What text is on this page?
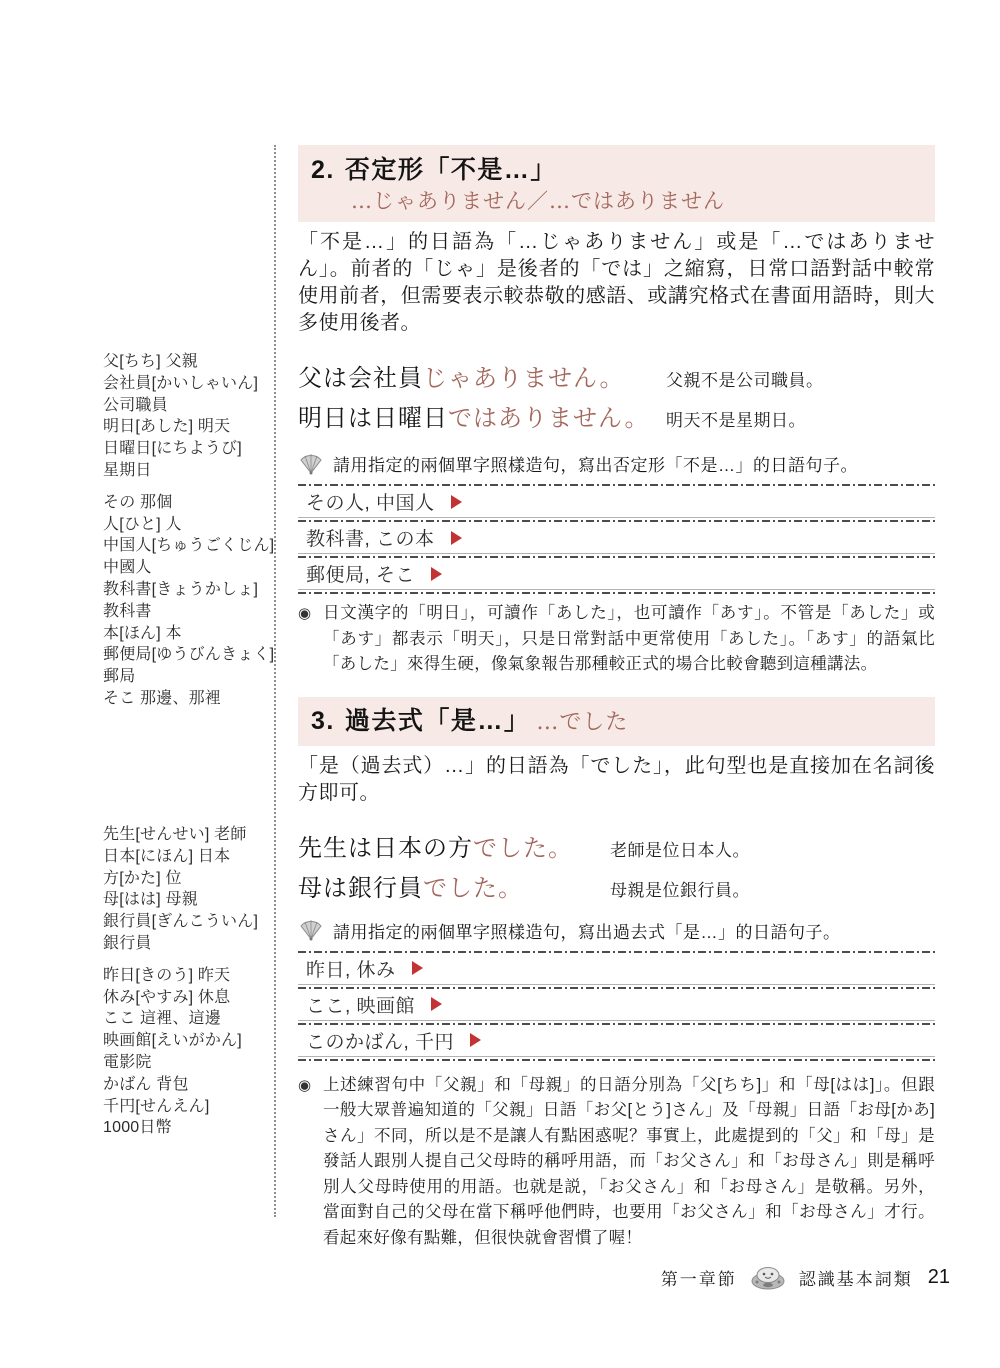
父[ちち] 父親
会社員[かいしゃいん]
公司職員
明日[あした] 明天
日曜日[にちようび]
星期日
その 那個
人[ひと] 人
中国人[ちゅうごくじん]
中國人
教科書[きょうかしょ]
教科書
本[ほん] 本
郵便局[ゆうびんきょく]
郵局
そこ 那邊、那裡
先生[せんせい] 老師
日本[にほん] 日本
方[かた] 位
母[はは] 母親
銀行員[ぎんこういん]
銀行員
昨日[きのう] 昨天
休み[やすみ] 休息
ここ 這裡、這邊
映画館[えいがかん]
電影院
かばん 背包
千円[せんえん]
1000日幣
2. 否定形「不是…」
…じゃありません／…ではありません

「不是…」的日語為「…じゃありません」或是「…ではありません」。前者的「じゃ」是後者的「では」之縮寫，日常口語對話中較常使用前者，但需要表示較恭敬的感語、或講究格式在書面用語時，則大多使用後者。

父は会社員じゃありません。	父親不是公司職員。
明日は日曜日ではありません。 明天不是星期日。
請用指定的兩個單字照樣造句，寫出否定形「不是…」的日語句子。
その人, 中国人
教科書, この本
郵便局, そこ
◉ 日文漢字的「明日」，可讀作「あした」，也可讀作「あす」。不管是「あした」或「あす」都表示「明天」，只是日常對話中更常使用「あした」。「あす」的語氣比「あした」來得生硬，像氣象報告那種較正式的場合比較會聽到這種講法。
3. 過去式「是…」 …でした

「是（過去式）…」的日語為「でした」，此句型也是直接加在名詞後方即可。

先生は日本の方でした。	老師是位日本人。
母は銀行員でした。	母親是位銀行員。
請用指定的兩個單字照樣造句，寫出過去式「是…」的日語句子。
昨日, 休み
ここ, 映画館
このかばん, 千円
◉ 上述練習句中「父親」和「母親」的日語分別為「父[ちち]」和「母[はは]」。但跟一般大眾普遍知道的「父親」日語「お父[とう]さん」及「母親」日語「お母[かあ]さん」不同，所以是不是讓人有點困惑呢？事實上，此處提到的「父」和「母」是發話人跟別人提自己父母時的稱呼用語，而「お父さん」和「お母さん」則是稱呼別人父母時使用的用語。也就是説，「お父さん」和「お母さん」是敬稱。另外，當面對自己的父母在當下稱呼他們時，也要用「お父さん」和「お母さん」才行。看起來好像有點難，但很快就會習慣了喔！
第一章節	認識基本詞類 21
